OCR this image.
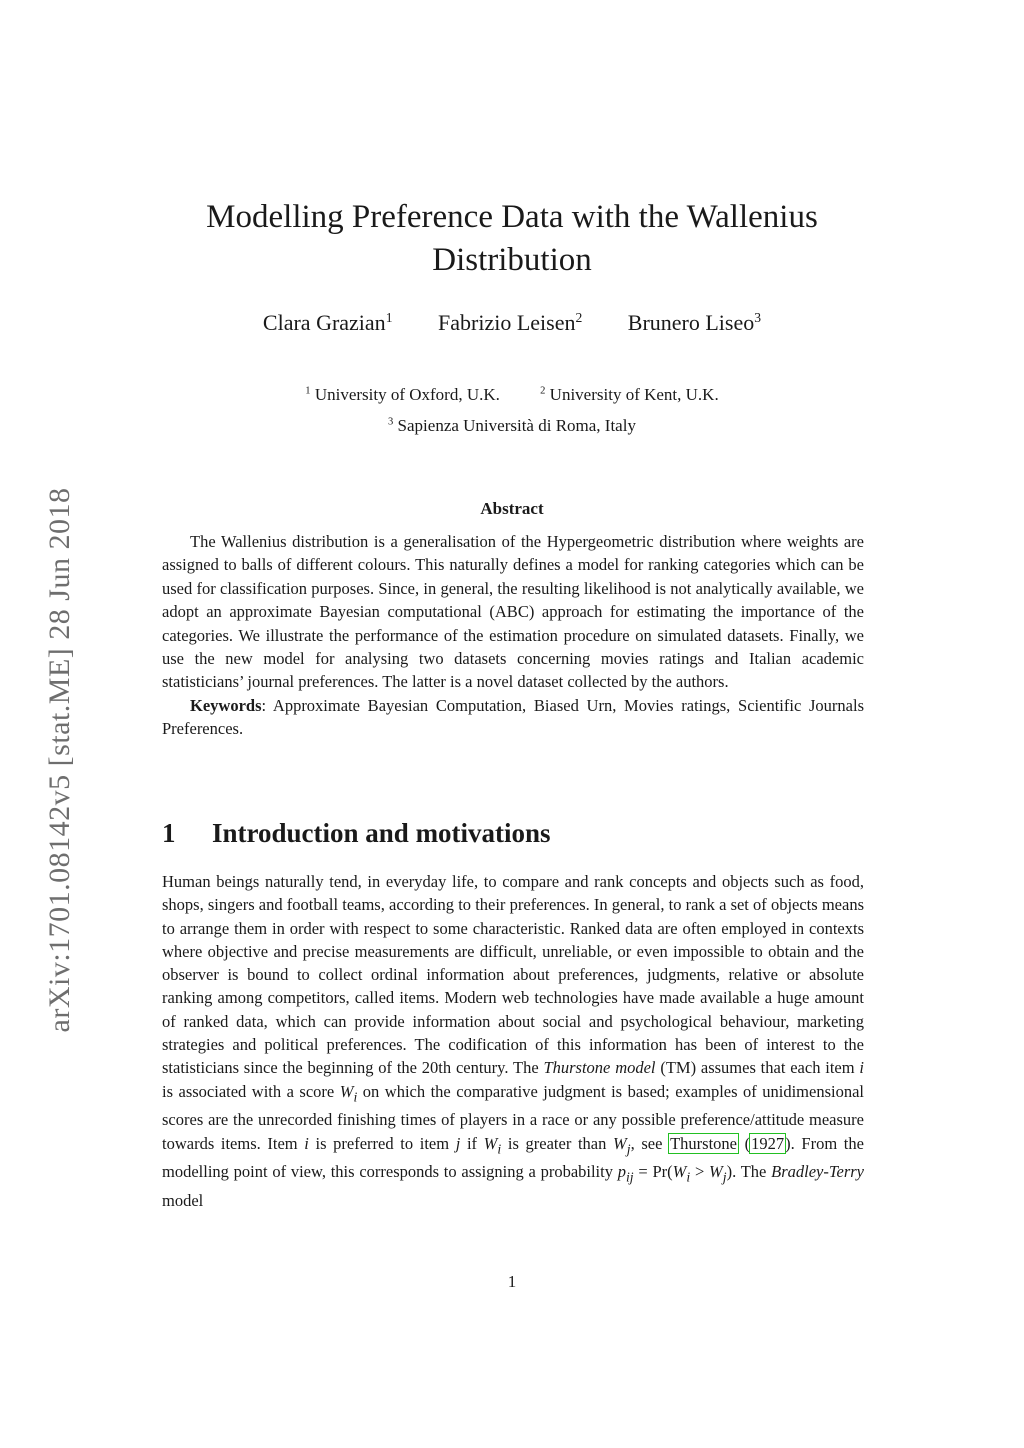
arXiv:1701.08142v5 [stat.ME] 28 Jun 2018
Modelling Preference Data with the Wallenius
Distribution
Clara Grazian$^1$ Fabrizio Leisen$^2$ Brunero Liseo$^3$
$^1$ University of Oxford, U.K.	$^2$ University of Kent, U.K.
$^3$ Sapienza Università di Roma, Italy
Abstract

The Wallenius distribution is a generalisation of the Hypergeometric distribution where weights are assigned to balls of different colours. This naturally defines a model for ranking categories which can be used for classification purposes. Since, in general, the resulting likelihood is not analytically available, we adopt an approximate Bayesian computational (ABC) approach for estimating the importance of the categories. We illustrate the performance of the estimation procedure on simulated datasets. Finally, we use the new model for analysing two datasets concerning movies ratings and Italian academic statisticians’ journal preferences. The latter is a novel dataset collected by the authors.

Keywords: Approximate Bayesian Computation, Biased Urn, Movies ratings, Scientific Journals Preferences.

1 Introduction and motivations

Human beings naturally tend, in everyday life, to compare and rank concepts and objects such as food, shops, singers and football teams, according to their preferences. In general, to rank a set of objects means to arrange them in order with respect to some characteristic. Ranked data are often employed in contexts where objective and precise measurements are difficult, unreliable, or even impossible to obtain and the observer is bound to collect ordinal information about preferences, judgments, relative or absolute ranking among competitors, called items. Modern web technologies have made available a huge amount of ranked data, which can provide information about social and psychological behaviour, marketing strategies and political preferences. The codification of this information has been of interest to the statisticians since the beginning of the 20th century. The Thurstone model (TM) assumes that each item i is associated with a score $W_i$ on which the comparative judgment is based; examples of unidimensional scores are the unrecorded finishing times of players in a race or any possible preference/attitude measure towards items. Item i is preferred to item j if $W_i$ is greater than $W_j$, see Thurstone (1927). From the modelling point of view, this corresponds to assigning a probability $p_{ij} = Pr(W_i > W_j)$. The Bradley-Terry model

1
